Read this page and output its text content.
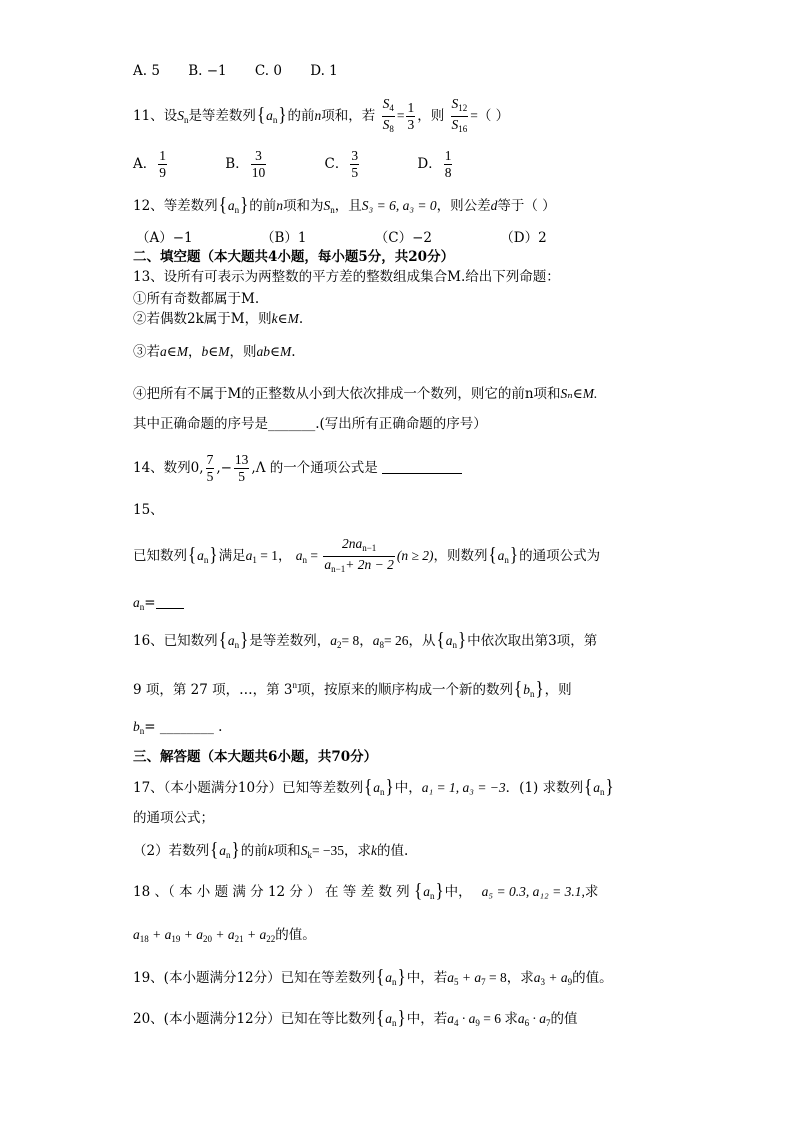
A. 5 B. −1 C. 0 D. 1
11、设$S_n$是等差数列$\{a_n\}$的前n项和，若 $\frac{S_4}{S_8} = \frac{1}{3}$ ，则 $\frac{S_{12}}{S_{16}}$ =（ ）
A． $\frac{1}{9}$	B． $\frac{3}{10}$	C． $\frac{3}{5}$	D． $\frac{1}{8}$
12、等差数列$\{a_n\}$的前n项和为$S_n$，且S₃ = 6, a₃ = 0，则公差d等于（ ）
（A）−1	（B）1	（C）−2	（D）2
二、填空题（本大题共4小题，每小题5分，共20分）
13、设所有可表示为两整数的平方差的整数组成集合M.给出下列命题：
①所有奇数都属于M.
②若偶数2k属于M，则k∈M.
③若a∈M，b∈M，则ab∈M.
④把所有不属于M的正整数从小到大依次排成一个数列，则它的前n项和Sₙ∈M.
其中正确命题的序号是_______.(写出所有正确命题的序号）
14、数列0, $\frac{7}{5}$ ,− $\frac{13}{5} ,\Lambda$ 的一个通项公式是
15、
已知数列$\{a_n\}$满足$a_1 = 1$， $a_n = \frac{2na_{n-1}}{a_{n-1}+ 2n - 2} (n \ge 2)$，则数列$\{a_n\}$的通项公式为
$a_n=$
16、已知数列$\{a_n\}$是等差数列，$a_2= 8$，$a_8= 26$，从$\{a_n\}$中依次取出第3项，第
9 项，第 27 项，…，第 3$^n$项，按原来的顺序构成一个新的数列$\{b_n\}$，则
$b_n=$ ________ .
三、解答题（本大题共6小题，共70分）
17、（本小题满分10分）已知等差数列$\{a_n\}$中，a₁ = 1, a₃ = −3．(1) 求数列$\{a_n\}$
的通项公式；
（2）若数列$\{a_n\}$的前k项和$S_k= -35$，求k的值.
18 、（ 本 小 题 满 分 12 分 ） 在 等 差 数 列 $\{a_n\}$中， a₅ = 0.3, a₁₂ = 3.1,求
$a_{18} + a_{19} + a_{20} + a_{21} + a_{22}$的值。
19、(本小题满分12分）已知在等差数列$\{a_n\}$中，若$a_5 + a_7 = 8$，求$a_3 + a_9$的值。
20、(本小题满分12分）已知在等比数列$\{a_n\}$中，若$a_4 \cdot a_9 = 6$ 求$a_6 \cdot a_7$的值
